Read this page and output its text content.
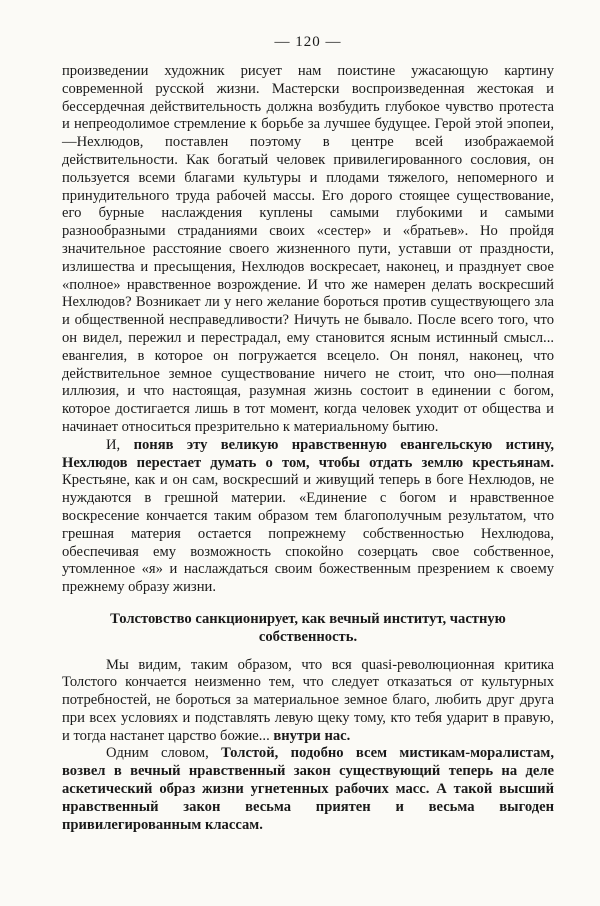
— 120 —

произведении художник рисует нам поистине ужасающую картину современной русской жизни. Мастерски воспроизведенная жестокая и бессердечная действительность должна возбудить глубокое чувство протеста и непреодолимое стремление к борьбе за лучшее будущее. Герой этой эпопеи,—Нехлюдов, поставлен поэтому в центре всей изображаемой действительности. Как богатый человек привилегированного сословия, он пользуется всеми благами культуры и плодами тяжелого, непомерного и принудительного труда рабочей массы. Его дорого стоящее существование, его бурные наслаждения куплены самыми глубокими и самыми разнообразными страданиями своих «сестер» и «братьев». Но пройдя значительное расстояние своего жизненного пути, уставши от праздности, излишества и пресыщения, Нехлюдов воскресает, наконец, и празднует свое «полное» нравственное возрождение. И что же намерен делать воскресший Нехлюдов? Возникает ли у него желание бороться против существующего зла и общественной несправедливости? Ничуть не бывало. После всего того, что он видел, пережил и перестрадал, ему становится ясным истинный смысл... евангелия, в которое он погружается всецело. Он понял, наконец, что действительное земное существование ничего не стоит, что оно—полная иллюзия, и что настоящая, разумная жизнь состоит в единении с богом, которое достигается лишь в тот момент, когда человек уходит от общества и начинает относиться презрительно к материальному бытию.

И, поняв эту великую нравственную евангельскую истину, Нехлюдов перестает думать о том, чтобы отдать землю крестьянам. Крестьяне, как и он сам, воскресший и живущий теперь в боге Нехлюдов, не нуждаются в грешной материи. «Единение с богом и нравственное воскресение кончается таким образом тем благополучным результатом, что грешная материя остается попрежнему собственностью Нехлюдова, обеспечивая ему возможность спокойно созерцать свое собственное, утомленное «я» и наслаждаться своим божественным презрением к своему прежнему образу жизни.

Толстовство санкционирует, как вечный институт, частную собственность.

Мы видим, таким образом, что вся quasi-революционная критика Толстого кончается неизменно тем, что следует отказаться от культурных потребностей, не бороться за материальное земное благо, любить друг друга при всех условиях и подставлять левую щеку тому, кто тебя ударит в правую, и тогда настанет царство божие... внутри нас.

Одним словом, Толстой, подобно всем мистикам-моралистам, возвел в вечный нравственный закон существующий теперь на деле аскетический образ жизни угнетенных рабочих масс. А такой высший нравственный закон весьма приятен и весьма выгоден привилегированным классам.
